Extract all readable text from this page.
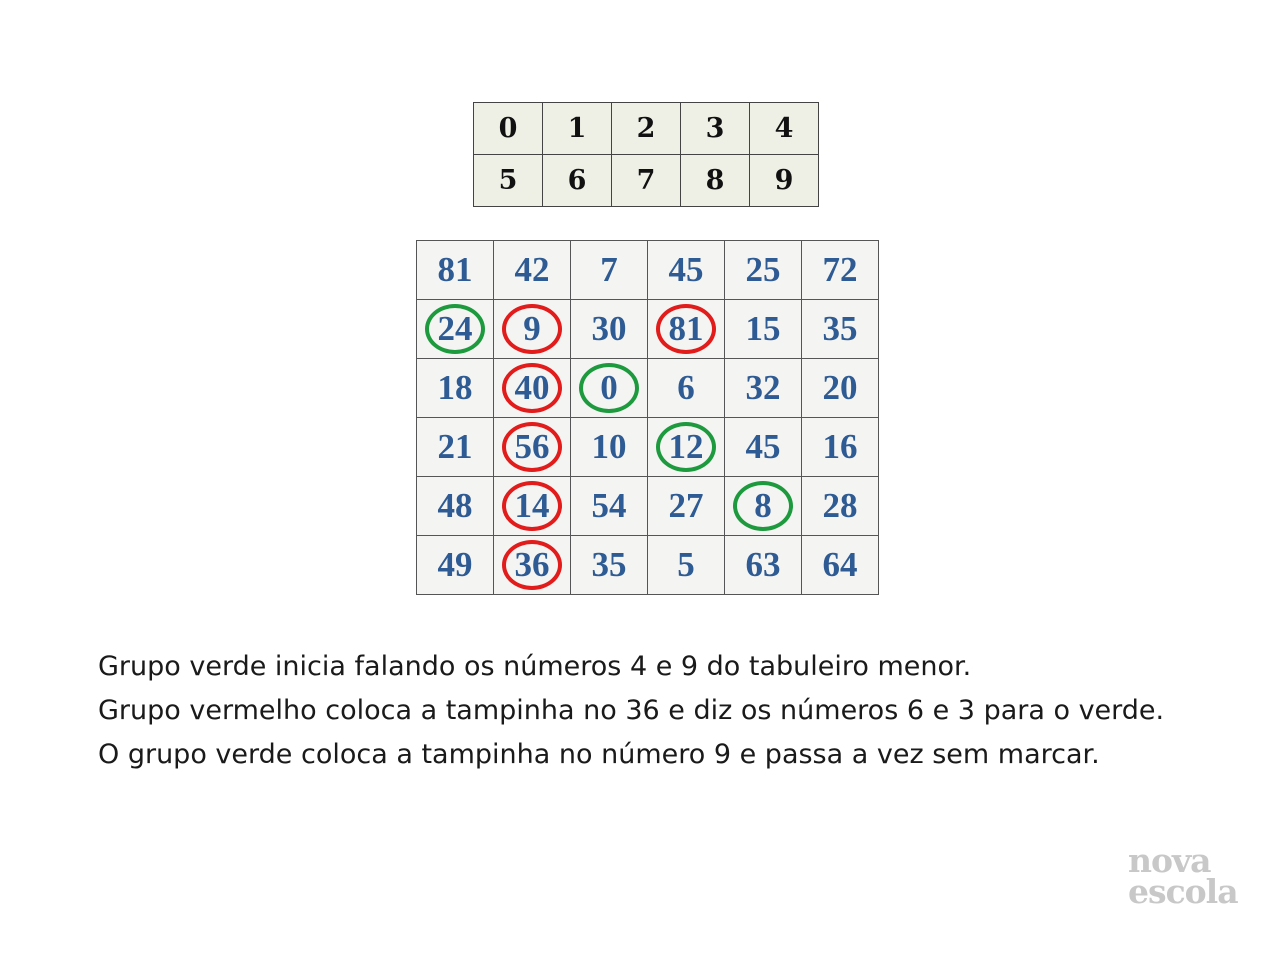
0	1	2	3	4
5	6	7	8	9
81	42	7	45	25	72
24	9	30	81	15	35
18	40	0	6	32	20
21	56	10	12	45	16
48	14	54	27	8	28
49	36	35	5	63	64

Grupo verde inicia falando os números 4 e 9 do tabuleiro menor.

Grupo vermelho coloca a tampinha no 36 e diz os números 6 e 3 para o verde.

O grupo verde coloca a tampinha no número 9 e passa a vez sem marcar.

nova
escola
